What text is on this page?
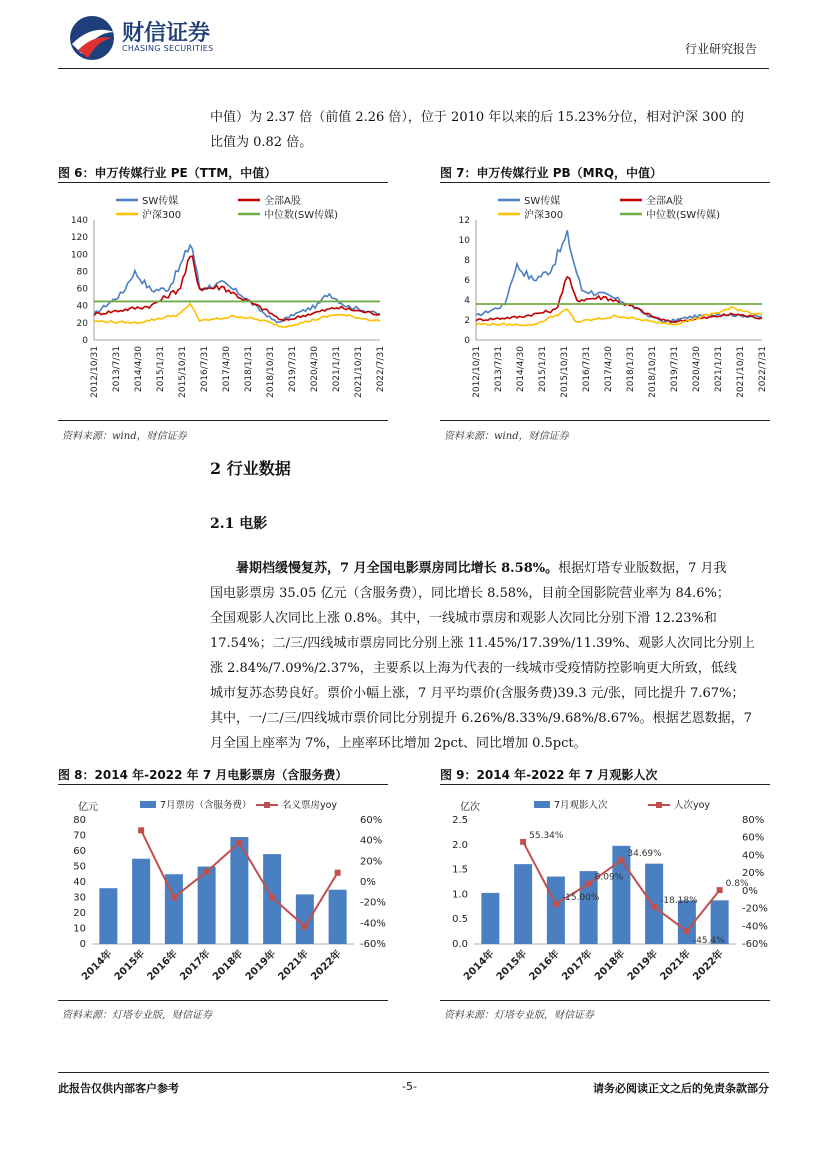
财信证券
CHASING SECURITIES	行业研究报告
中值）为 2.37 倍（前值 2.26 倍），位于 2010 年以来的后 15.23%分位，相对沪深 300 的
比值为 0.82 倍。
图 6：申万传媒行业 PE（TTM，中值）
SW传媒	全部A股
沪深300	中位数(SW传媒)
0
20
40
60
80
100
120
140
2012/10/31 2013/7/31 2014/4/30 2015/1/31 2015/10/31 2016/7/31 2017/4/30 2018/1/31 2018/10/31 2019/7/31 2020/4/30 2021/1/31 2021/10/31 2022/7/31
资料来源：wind，财信证券
图 7：申万传媒行业 PB（MRQ，中值）
SW传媒	全部A股
沪深300	中位数(SW传媒)
0
2
4
6
8
10
12
2012/10/31 2013/7/31 2014/4/30 2015/1/31 2015/10/31 2016/7/31 2017/4/30 2018/1/31 2018/10/31 2019/7/31 2020/4/30 2021/1/31 2021/10/31 2022/7/31
资料来源：wind，财信证券
2 行业数据
2.1 电影
暑期档缓慢复苏，7 月全国电影票房同比增长 8.58%。根据灯塔专业版数据，7 月我
国电影票房 35.05 亿元（含服务费），同比增长 8.58%，目前全国影院营业率为 84.6%；
全国观影人次同比上涨 0.8%。其中，一线城市票房和观影人次同比分别下滑 12.23%和
17.54%；二/三/四线城市票房同比分别上涨 11.45%/17.39%/11.39%、观影人次同比分别上
涨 2.84%/7.09%/2.37%，主要系以上海为代表的一线城市受疫情防控影响更大所致，低线
城市复苏态势良好。票价小幅上涨，7 月平均票价(含服务费)39.3 元/张，同比提升 7.67%；
其中，一/二/三/四线城市票价同比分别提升 6.26%/8.33%/9.68%/8.67%。根据艺恩数据，7
月全国上座率为 7%，上座率环比增加 2pct、同比增加 0.5pct。
图 8：2014 年-2022 年 7 月电影票房（含服务费）
亿元	7月票房（含服务费）	名义票房yoy
0
10
20
30
40
50
60
70
80
-60%
-40%
-20%
0%
20%
40%
60%
2014年
2015年
2016年
2017年
2018年
2019年
2021年
2022年
资料来源：灯塔专业版，财信证券
图 9：2014 年-2022 年 7 月观影人次
亿次	7月观影人次	人次yoy
0.0
0.5
1.0
1.5
2.0
2.5
-60%
-40%
-20%
0%
20%
40%
60%
80%
2014年
2015年
2016年
2017年
2018年
2019年
2021年
2022年
55.34%
-15.00%
8.09%
34.69%
-18.18%
-45.4%
0.8%
资料来源：灯塔专业版，财信证券
此报告仅供内部客户参考	-5-	请务必阅读正文之后的免责条款部分
